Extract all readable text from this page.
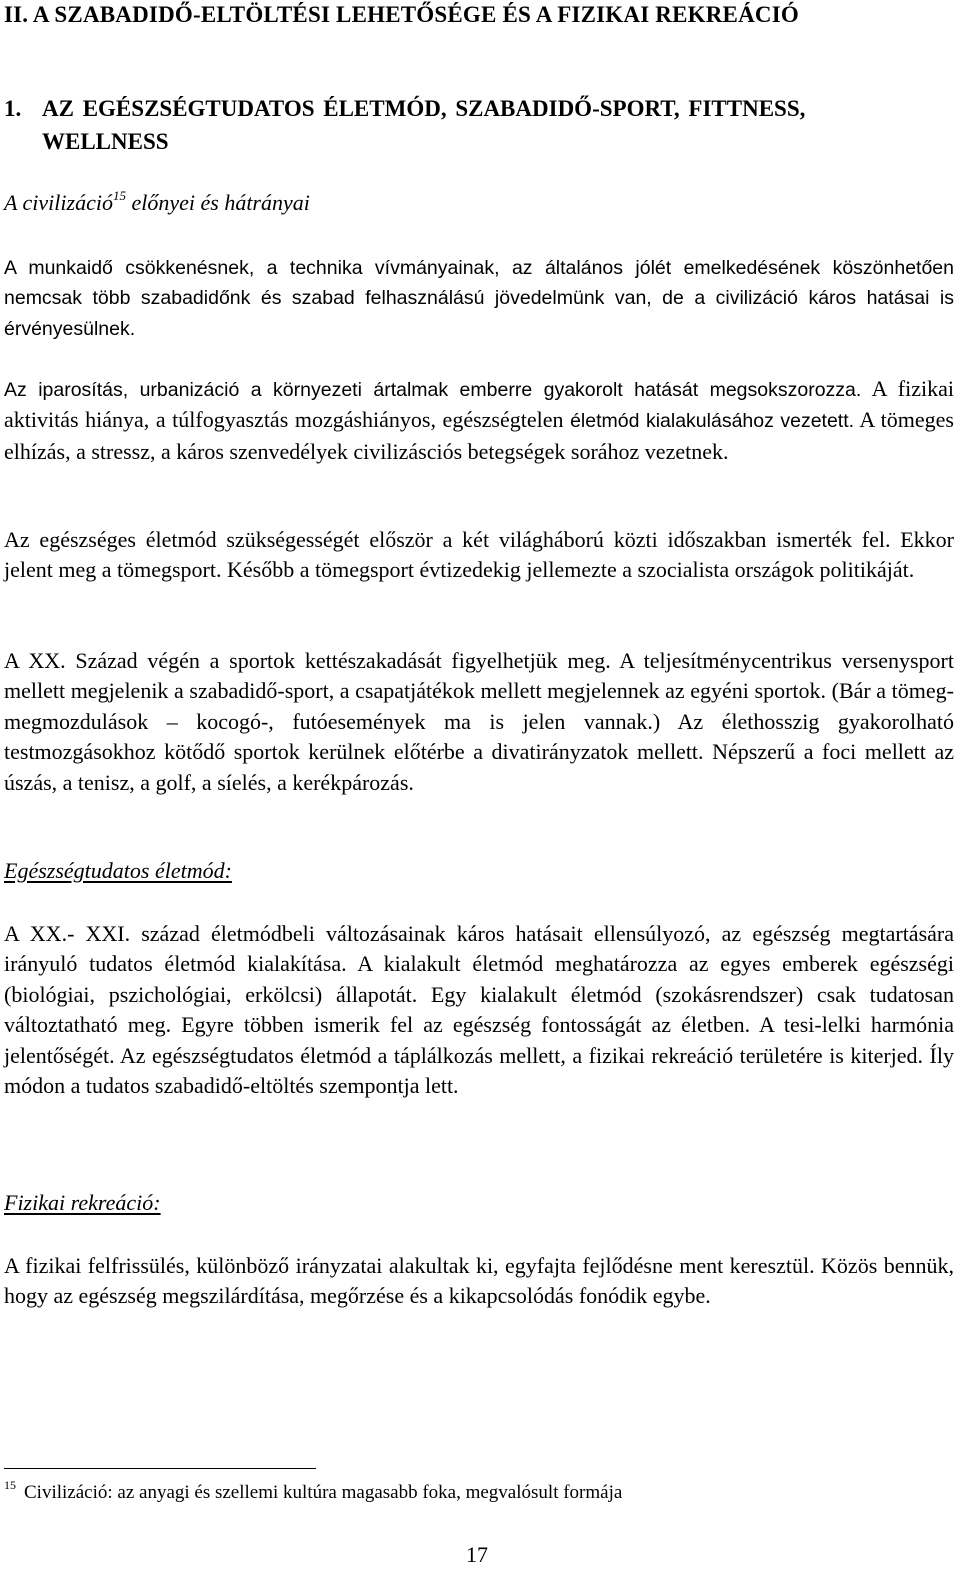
II. A SZABADIDŐ-ELTÖLTÉSI LEHETŐSÉGE ÉS A FIZIKAI REKREÁCIÓ
1. AZ EGÉSZSÉGTUDATOS ÉLETMÓD, SZABADIDŐ-SPORT, FITTNESS,
WELLNESS

A civilizáció$^{15}$ előnyei és hátrányai

A munkaidő csökkenésnek, a technika vívmányainak, az általános jólét emelkedésének köszönhetően nemcsak több szabadidőnk és szabad felhasználású jövedelmünk van, de a civilizáció káros hatásai is érvényesülnek.

Az iparosítás, urbanizáció a környezeti ártalmak emberre gyakorolt hatását megsokszorozza. A fizikai aktivitás hiánya, a túlfogyasztás mozgáshiányos, egészségtelen életmód kialakulásához vezetett. A tömeges elhízás, a stressz, a káros szenvedélyek civilizásciós betegségek sorához vezetnek.

Az egészséges életmód szükségességét először a két világháború közti időszakban ismerték fel. Ekkor jelent meg a tömegsport. Később a tömegsport évtizedekig jellemezte a szocialista országok politikáját.

A XX. Század végén a sportok kettészakadását figyelhetjük meg. A teljesítménycentrikus versenysport mellett megjelenik a szabadidő-sport, a csapatjátékok mellett megjelennek az egyéni sportok. (Bár a tömeg-megmozdulások – kocogó-, futóesemények ma is jelen vannak.) Az élethosszig gyakorolható testmozgásokhoz kötődő sportok kerülnek előtérbe a divatirányzatok mellett. Népszerű a foci mellett az úszás, a tenisz, a golf, a síelés, a kerékpározás.

Egészségtudatos életmód:

A XX.- XXI. század életmódbeli változásainak káros hatásait ellensúlyozó, az egészség megtartására irányuló tudatos életmód kialakítása. A kialakult életmód meghatározza az egyes emberek egészségi (biológiai, pszichológiai, erkölcsi) állapotát. Egy kialakult életmód (szokásrendszer) csak tudatosan változtatható meg. Egyre többen ismerik fel az egészség fontosságát az életben. A tesi-lelki harmónia jelentőségét. Az egészségtudatos életmód a táplálkozás mellett, a fizikai rekreáció területére is kiterjed. Íly módon a tudatos szabadidő-eltöltés szempontja lett.

Fizikai rekreáció:

A fizikai felfrissülés, különböző irányzatai alakultak ki, egyfajta fejlődésne ment keresztül. Közös bennük, hogy az egészség megszilárdítása, megőrzése és a kikapcsolódás fonódik egybe.

$^{15}$ Civilizáció: az anyagi és szellemi kultúra magasabb foka, megvalósult formája

17
